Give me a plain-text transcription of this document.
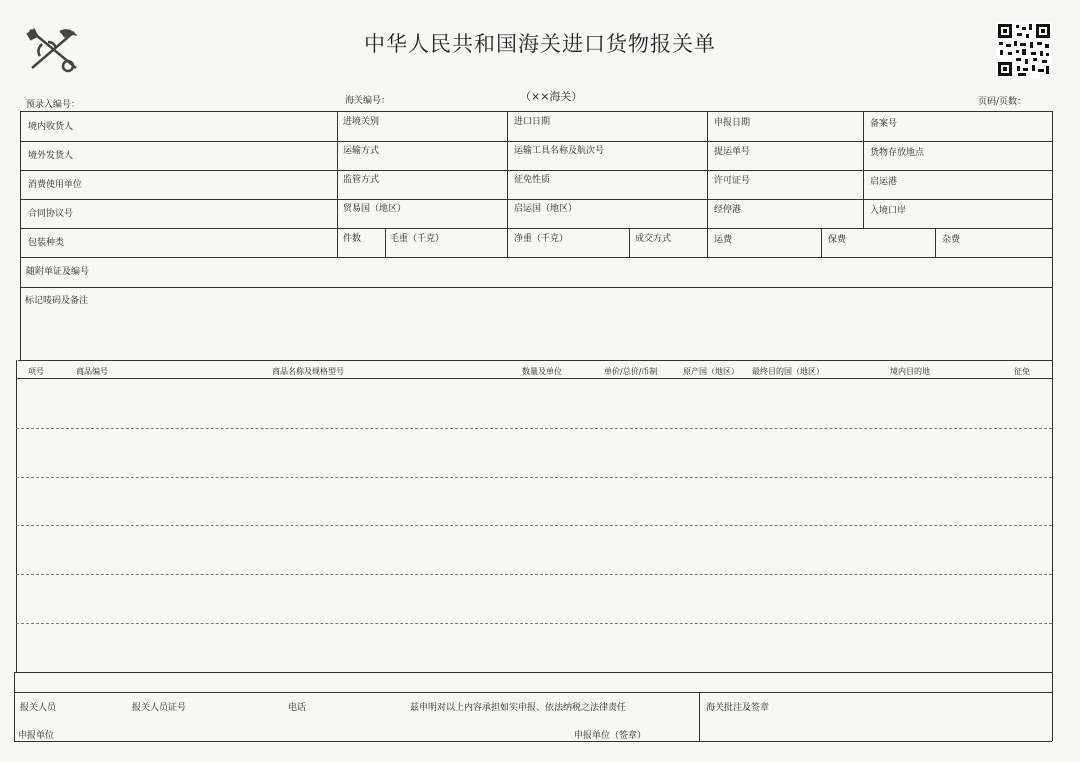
中华人民共和国海关进口货物报关单
预录入编号：	海关编号：	（××海关）	页码/页数：
境内收货人	进境关别	进口日期	申报日期	备案号
境外发货人	运输方式	运输工具名称及航次号	提运单号	货物存放地点
消费使用单位	监管方式	征免性质	许可证号	启运港
合同协议号	贸易国（地区）	启运国（地区）	经停港	入境口岸
包装种类	件数	毛重（千克）	净重（千克）	成交方式	运费	保费	杂费
随附单证及编号
标记唛码及备注
项号	商品编号	商品名称及规格型号	数量及单位	单价/总价/币制	原产国（地区） 最终目的国（地区）	境内目的地	征免
报关人员	报关人员证号	电话	兹申明对以上内容承担如实申报、依法纳税之法律责任	海关批注及签章
申报单位	申报单位（签章）
